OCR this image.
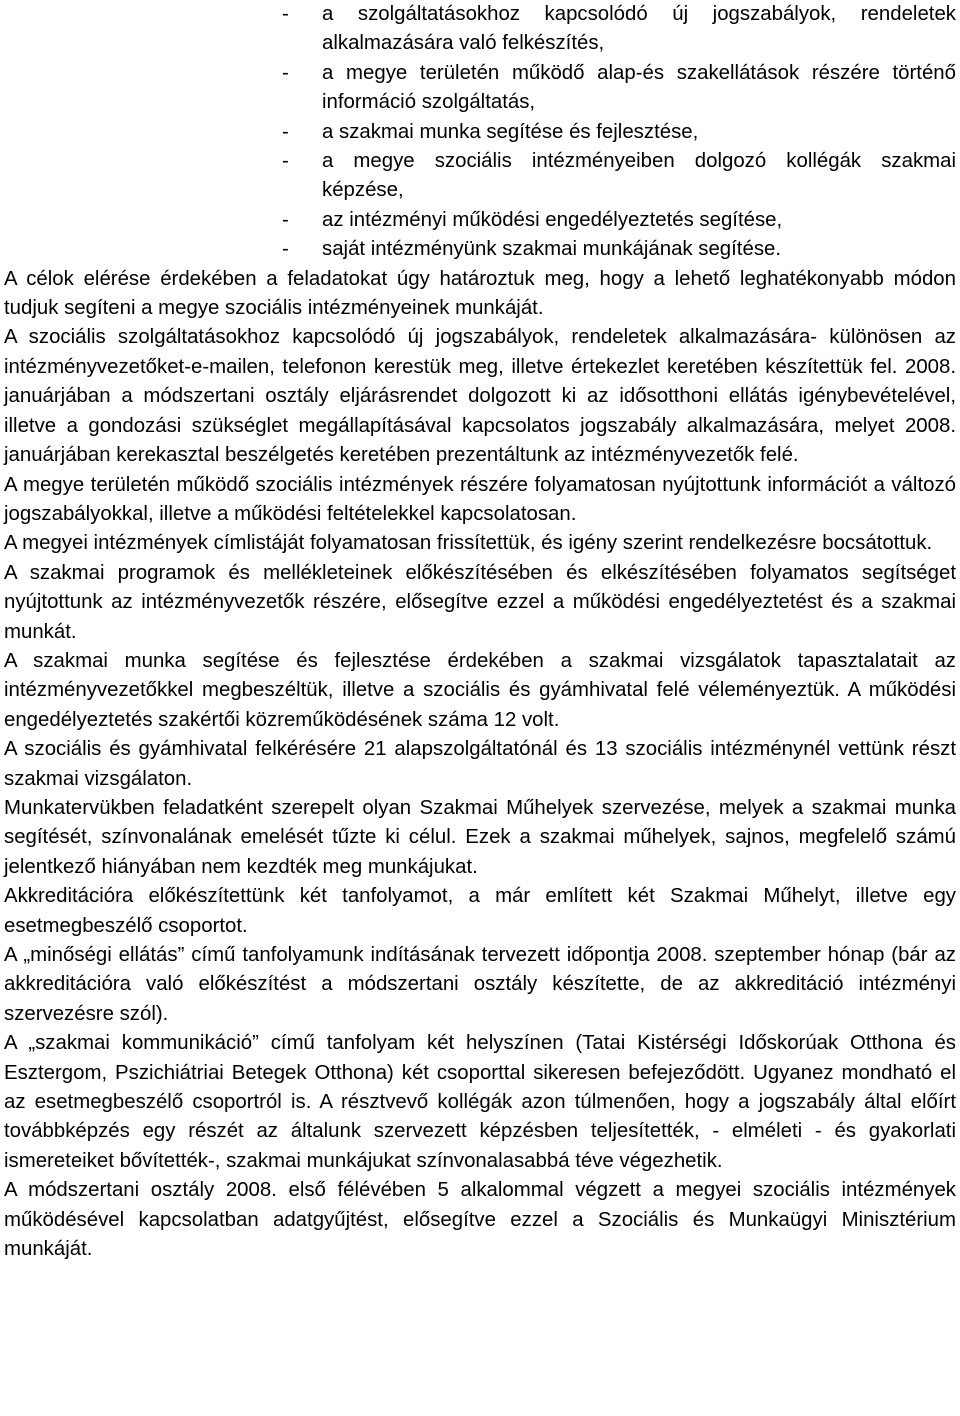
- a szolgáltatásokhoz kapcsolódó új jogszabályok, rendeletek alkalmazására való felkészítés,
- a megye területén működő alap-és szakellátások részére történő információ szolgáltatás,
- a szakmai munka segítése és fejlesztése,
- a megye szociális intézményeiben dolgozó kollégák szakmai képzése,
- az intézményi működési engedélyeztetés segítése,
- saját intézményünk szakmai munkájának segítése.

A célok elérése érdekében a feladatokat úgy határoztuk meg, hogy a lehető leghatékonyabb módon tudjuk segíteni a megye szociális intézményeinek munkáját.

A szociális szolgáltatásokhoz kapcsolódó új jogszabályok, rendeletek alkalmazására- különösen az intézményvezetőket-e-mailen, telefonon kerestük meg, illetve értekezlet keretében készítettük fel. 2008. januárjában a módszertani osztály eljárásrendet dolgozott ki az idősotthoni ellátás igénybevételével, illetve a gondozási szükséglet megállapításával kapcsolatos jogszabály alkalmazására, melyet 2008. januárjában kerekasztal beszélgetés keretében prezentáltunk az intézményvezetők felé.

A megye területén működő szociális intézmények részére folyamatosan nyújtottunk információt a változó jogszabályokkal, illetve a működési feltételekkel kapcsolatosan.

A megyei intézmények címlistáját folyamatosan frissítettük, és igény szerint rendelkezésre bocsátottuk.

A szakmai programok és mellékleteinek előkészítésében és elkészítésében folyamatos segítséget nyújtottunk az intézményvezetők részére, elősegítve ezzel a működési engedélyeztetést és a szakmai munkát.

A szakmai munka segítése és fejlesztése érdekében a szakmai vizsgálatok tapasztalatait az intézményvezetőkkel megbeszéltük, illetve a szociális és gyámhivatal felé véleményeztük. A működési engedélyeztetés szakértői közreműködésének száma 12 volt.

A szociális és gyámhivatal felkérésére 21 alapszolgáltatónál és 13 szociális intézménynél vettünk részt szakmai vizsgálaton.

Munkatervükben feladatként szerepelt olyan Szakmai Műhelyek szervezése, melyek a szakmai munka segítését, színvonalának emelését tűzte ki célul. Ezek a szakmai műhelyek, sajnos, megfelelő számú jelentkező hiányában nem kezdték meg munkájukat.

Akkreditációra előkészítettünk két tanfolyamot, a már említett két Szakmai Műhelyt, illetve egy esetmegbeszélő csoportot.

A „minőségi ellátás” című tanfolyamunk indításának tervezett időpontja 2008. szeptember hónap (bár az akkreditációra való előkészítést a módszertani osztály készítette, de az akkreditáció intézményi szervezésre szól).

A „szakmai kommunikáció” című tanfolyam két helyszínen (Tatai Kistérségi Időskorúak Otthona és Esztergom, Pszichiátriai Betegek Otthona) két csoporttal sikeresen befejeződött. Ugyanez mondható el az esetmegbeszélő csoportról is. A résztvevő kollégák azon túlmenően, hogy a jogszabály által előírt továbbképzés egy részét az általunk szervezett képzésben teljesítették, - elméleti - és gyakorlati ismereteiket bővítették-, szakmai munkájukat színvonalasabbá téve végezhetik.

A módszertani osztály 2008. első félévében 5 alkalommal végzett a megyei szociális intézmények működésével kapcsolatban adatgyűjtést, elősegítve ezzel a Szociális és Munkaügyi Minisztérium munkáját.
